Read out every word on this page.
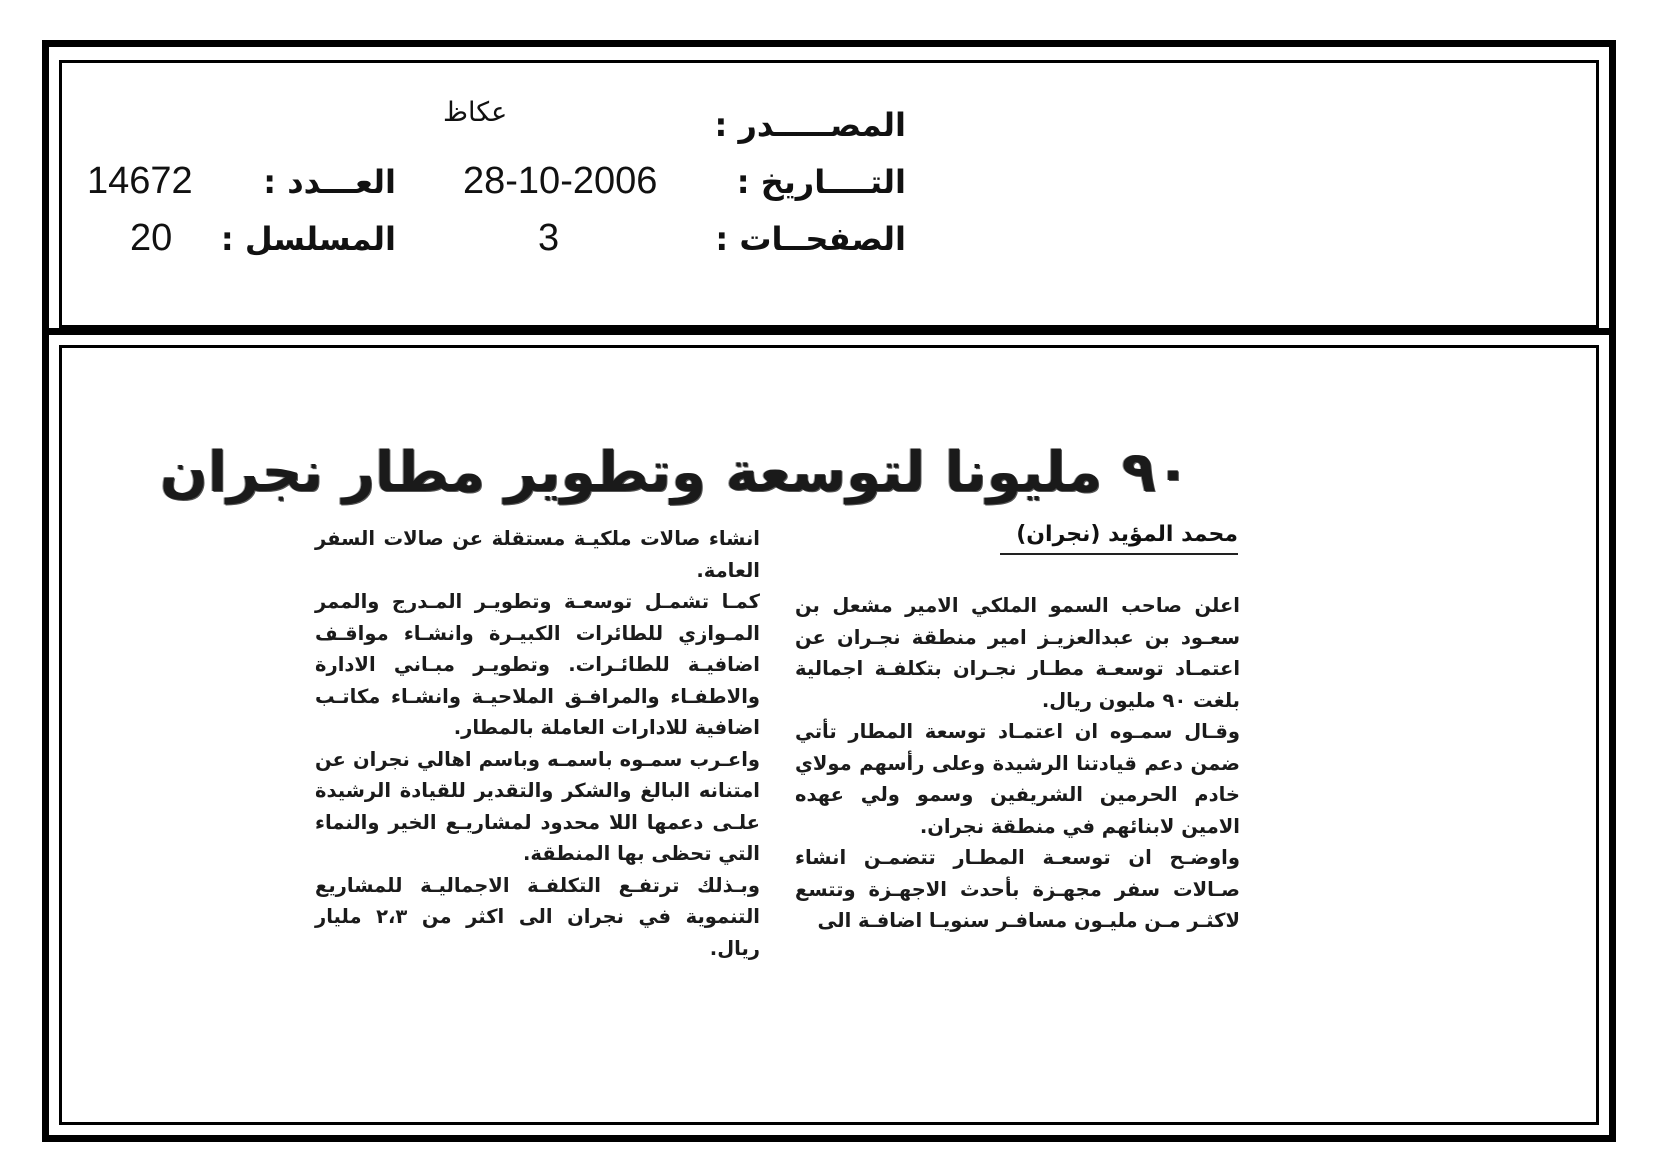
المصـــــدر :
عكاظ
التــــاريخ :
28-10-2006
العـــدد :
14672
الصفحــات :
3
المسلسل :
20
٩٠ مليونا لتوسعة وتطوير مطار نجران
محمد المؤيد (نجران)

اعلن صاحب السمو الملكي الامير مشعل بن سعـود بن عبدالعزيـز امير منطقة نجـران عن اعتمـاد توسعـة مطـار نجـران بتكلفـة اجمالية بلغت ٩٠ مليون ريال.

وقـال سمـوه ان اعتمـاد توسعة المطار تأتي ضمن دعم قيادتنا الرشيدة وعلى رأسهم مولاي خادم الحرمين الشريفين وسمو ولي عهده الامين لابنائهم في منطقة نجران.

واوضـح ان توسعـة المطـار تتضمـن انشاء صـالات سفر مجهـزة بأحدث الاجهـزة وتتسع لاكثـر مـن مليـون مسافـر سنويـا اضافـة الى

انشاء صالات ملكيـة مستقلة عن صالات السفر العامة.

كمـا تشمـل توسعـة وتطويـر المـدرج والممر المـوازي للطائرات الكبيـرة وانشـاء مواقـف اضافيـة للطائـرات. وتطويـر مبـاني الادارة والاطفـاء والمرافـق الملاحيـة وانشـاء مكاتـب اضافية للادارات العاملة بالمطار.

واعـرب سمـوه باسمـه وباسم اهالي نجران عن امتنانه البالغ والشكر والتقدير للقيادة الرشيدة علـى دعمها اللا محدود لمشاريـع الخير والنماء التي تحظى بها المنطقة.

وبـذلك ترتفـع التكلفـة الاجماليـة للمشاريع التنموية في نجران الى اكثر من ٢،٣ مليار ريال.
